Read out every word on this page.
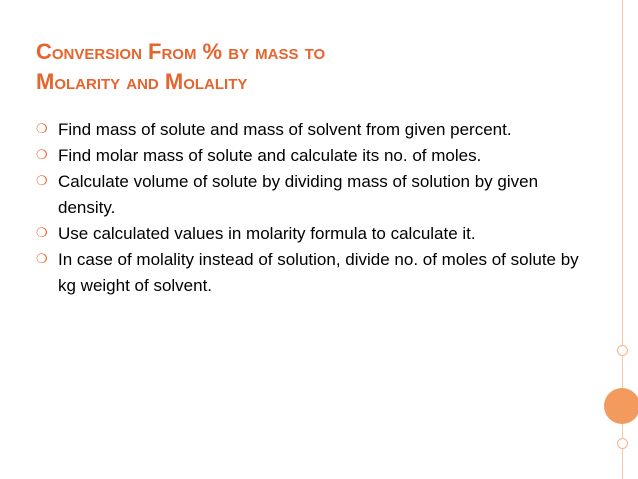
Conversion From % by mass to
Molarity and Molality
❍ Find mass of solute and mass of solvent from given percent.
❍ Find molar mass of solute and calculate its no. of moles.
❍ Calculate volume of solute by dividing mass of solution by given density.
❍ Use calculated values in molarity formula to calculate it.
❍ In case of molality instead of solution, divide no. of moles of solute by kg weight of solvent.
